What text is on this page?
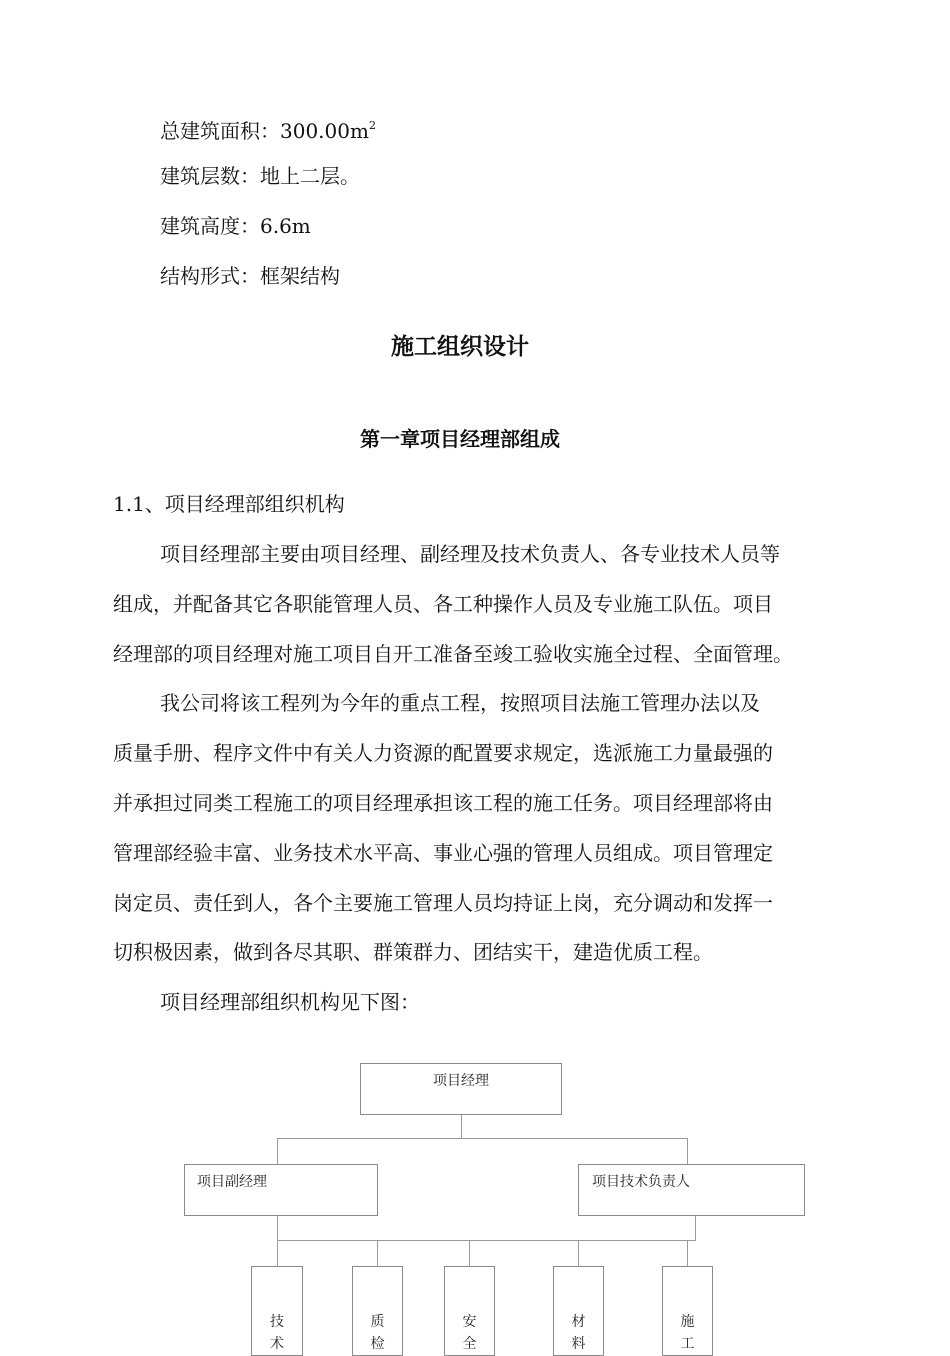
总建筑面积：$300.00m^2$
建筑层数：地上二层。
建筑高度：6.6m
结构形式：框架结构
施工组织设计
第一章项目经理部组成
1.1、项目经理部组织机构
项目经理部主要由项目经理、副经理及技术负责人、各专业技术人员等
组成，并配备其它各职能管理人员、各工种操作人员及专业施工队伍。项目
经理部的项目经理对施工项目自开工准备至竣工验收实施全过程、全面管理。
我公司将该工程列为今年的重点工程，按照项目法施工管理办法以及
质量手册、程序文件中有关人力资源的配置要求规定，选派施工力量最强的
并承担过同类工程施工的项目经理承担该工程的施工任务。项目经理部将由
管理部经验丰富、业务技术水平高、事业心强的管理人员组成。项目管理定
岗定员、责任到人，各个主要施工管理人员均持证上岗，充分调动和发挥一
切积极因素，做到各尽其职、群策群力、团结实干，建造优质工程。
项目经理部组织机构见下图：
项目经理
项目副经理	项目技术负责人
技
术
质
检
安
全
材
料
施
工
